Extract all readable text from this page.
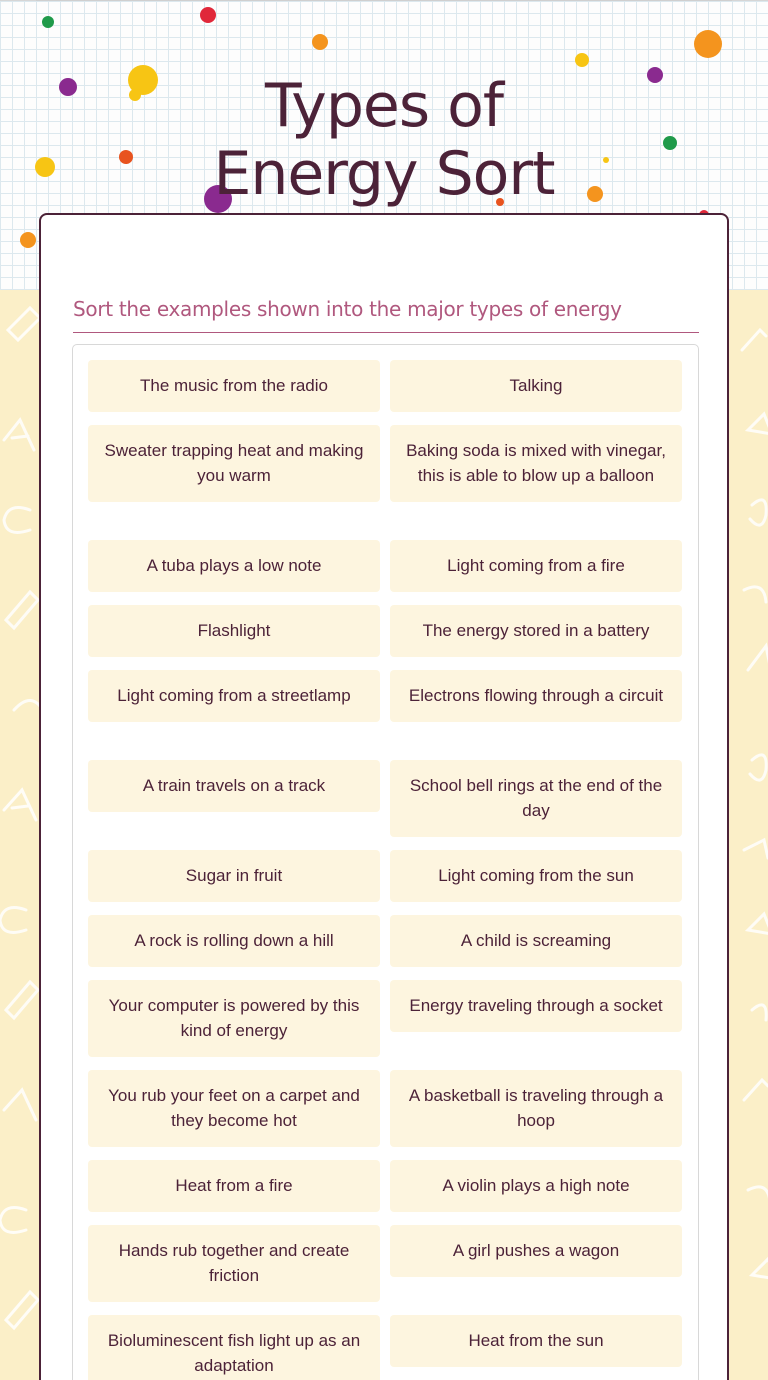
Types of Energy Sort
Sort the examples shown into the major types of energy
The music from the radio	Talking
Sweater trapping heat and making you warm
Baking soda is mixed with vinegar, this is able to blow up a balloon
A tuba plays a low note	Light coming from a fire
Flashlight	The energy stored in a battery
Light coming from a streetlamp	Electrons flowing through a circuit
A train travels on a track	School bell rings at the end of the day
Sugar in fruit	Light coming from the sun
A rock is rolling down a hill	A child is screaming
Your computer is powered by this kind of energy
Energy traveling through a socket
You rub your feet on a carpet and they become hot
A basketball is traveling through a hoop
Heat from a fire	A violin plays a high note
Hands rub together and create friction
A girl pushes a wagon
Bioluminescent fish light up as an adaptation
Heat from the sun
